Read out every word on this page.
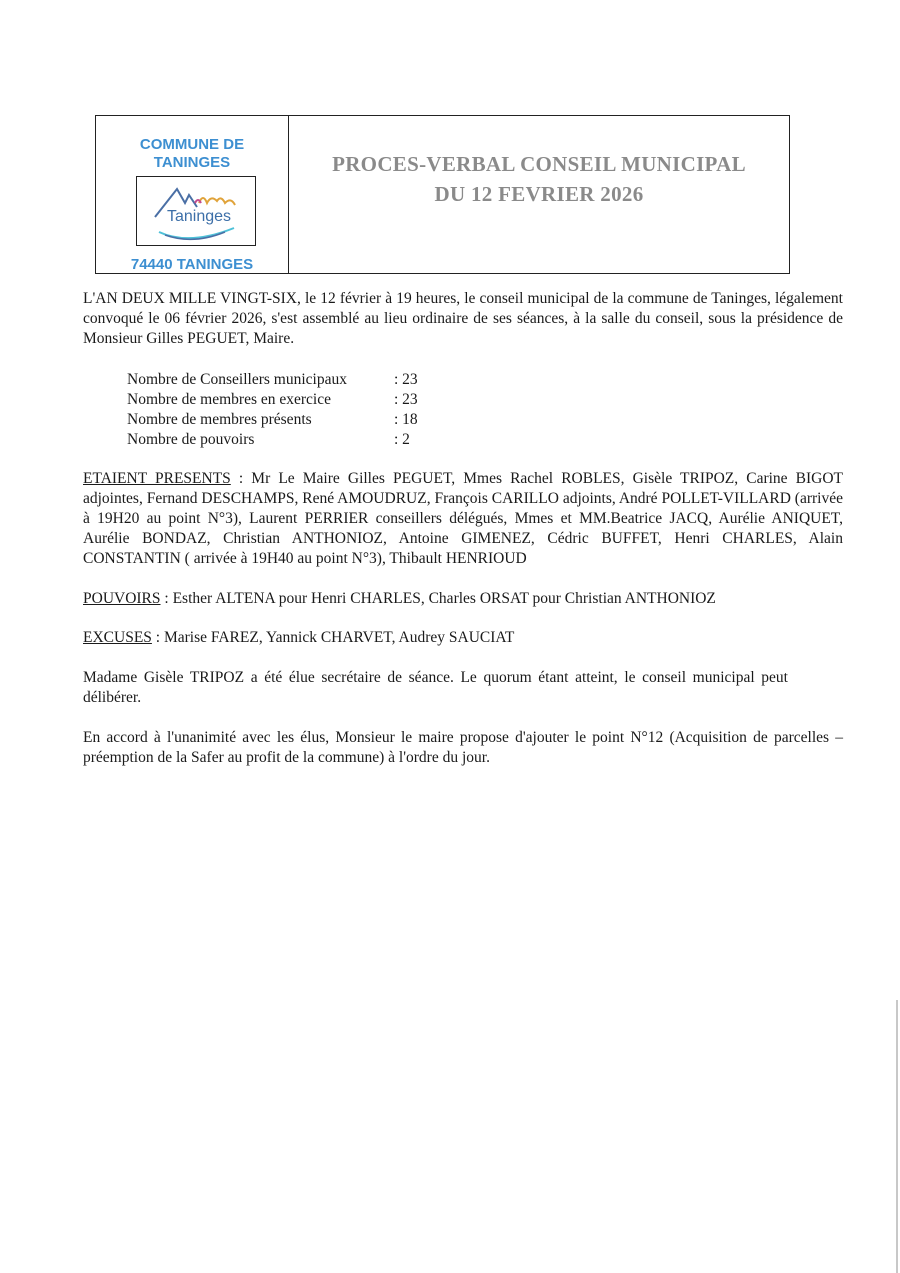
COMMUNE DE
TANINGES
Taninges
74440 TANINGES
PROCES-VERBAL CONSEIL MUNICIPAL
DU 12 FEVRIER 2026
L'AN DEUX MILLE VINGT-SIX, le 12 février à 19 heures, le conseil municipal de la commune de Taninges, légalement convoqué le 06 février 2026, s'est assemblé au lieu ordinaire de ses séances, à la salle du conseil, sous la présidence de Monsieur Gilles PEGUET, Maire.
Nombre de Conseillers municipaux	: 23
Nombre de membres en exercice	: 23
Nombre de membres présents	: 18
Nombre de pouvoirs	: 2
ETAIENT PRESENTS : Mr Le Maire Gilles PEGUET, Mmes Rachel ROBLES, Gisèle TRIPOZ, Carine BIGOT adjointes, Fernand DESCHAMPS, René AMOUDRUZ, François CARILLO adjoints, André POLLET-VILLARD (arrivée à 19H20 au point N°3), Laurent PERRIER conseillers délégués, Mmes et MM.Beatrice JACQ, Aurélie ANIQUET, Aurélie BONDAZ, Christian ANTHONIOZ, Antoine GIMENEZ, Cédric BUFFET, Henri CHARLES, Alain CONSTANTIN ( arrivée à 19H40 au point N°3), Thibault HENRIOUD
POUVOIRS : Esther ALTENA pour Henri CHARLES, Charles ORSAT pour Christian ANTHONIOZ
EXCUSES : Marise FAREZ, Yannick CHARVET, Audrey SAUCIAT
Madame Gisèle TRIPOZ a été élue secrétaire de séance. Le quorum étant atteint, le conseil municipal peut délibérer.
En accord à l'unanimité avec les élus, Monsieur le maire propose d'ajouter le point N°12 (Acquisition de parcelles – préemption de la Safer au profit de la commune) à l'ordre du jour.
